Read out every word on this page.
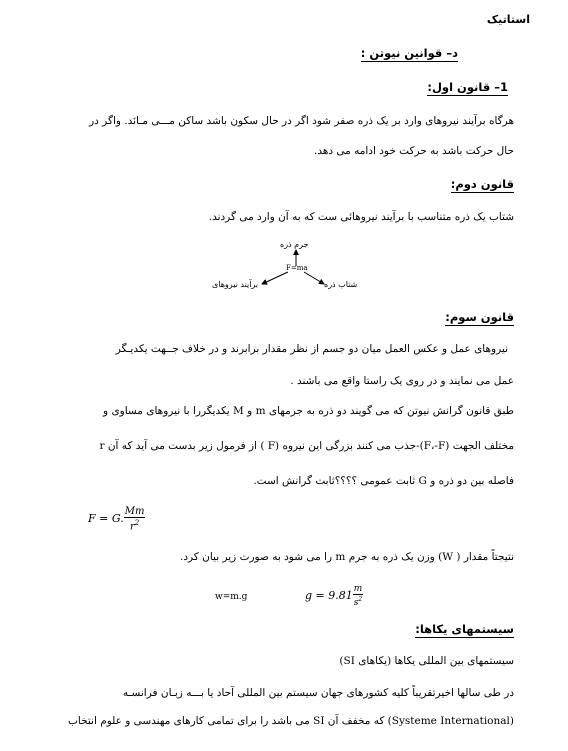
استاتیک
د– قوانین نیوتن :
1– قانون اول:
هرگاه برآیند نیروهای وارد بر یک ذره صفر شود اگر در حال سکون باشد ساکن مـــی مـانَد. واگر در
حال حرکت باشد به حرکت خود ادامه می دهد.
قانون دوم:
شتاب یک ذره متناسب با برآیند نیروهائی ست که به آن وارد می گردند.
جرم ذره
F=ma
برآیند نیروهای	شتاب ذره
قانون سوم:
نیروهای عمل و عکس العمل میان دو جسم از نظر مقدار برابرند و در خلاف جــهت یکدیـگر
عمل می نمایند و در روی یک راستا واقع می باشند .
طبق قانون گرانش نیوتن که می گویند دو ذره به جرمهای m و M یکدیگررا با نیروهای مساوی و
مختلف الجهت (F،-F)-جذب می کنند بزرگی این نیروه (F ) از فرمول زیر بدست می آید که آن r
فاصله بین دو ذره و G ثابت عمومی ؟؟؟؟ثابت گرانش است.
F = G. $\frac{Mm}{r^2}$
نتیجتاً مقدار ( W) وزن یک ذره به جرم m را می شود به صورت زیر بیان کرد.
w=m.g	$g = 9.81 \frac{m}{s^2}$
سیستمهای یکاها:
سیستمهای بین المللی یکاها (یکاهای SI)
در طی سالها اخیرتقریباً کلیه کشورهای جهان سیستم بین المللی آحاد یا بـــه زبـان فرانسـه
(Systeme International) که مخفف آن SI می باشد را برای تمامی کارهای مهندسی و علوم انتخاب
